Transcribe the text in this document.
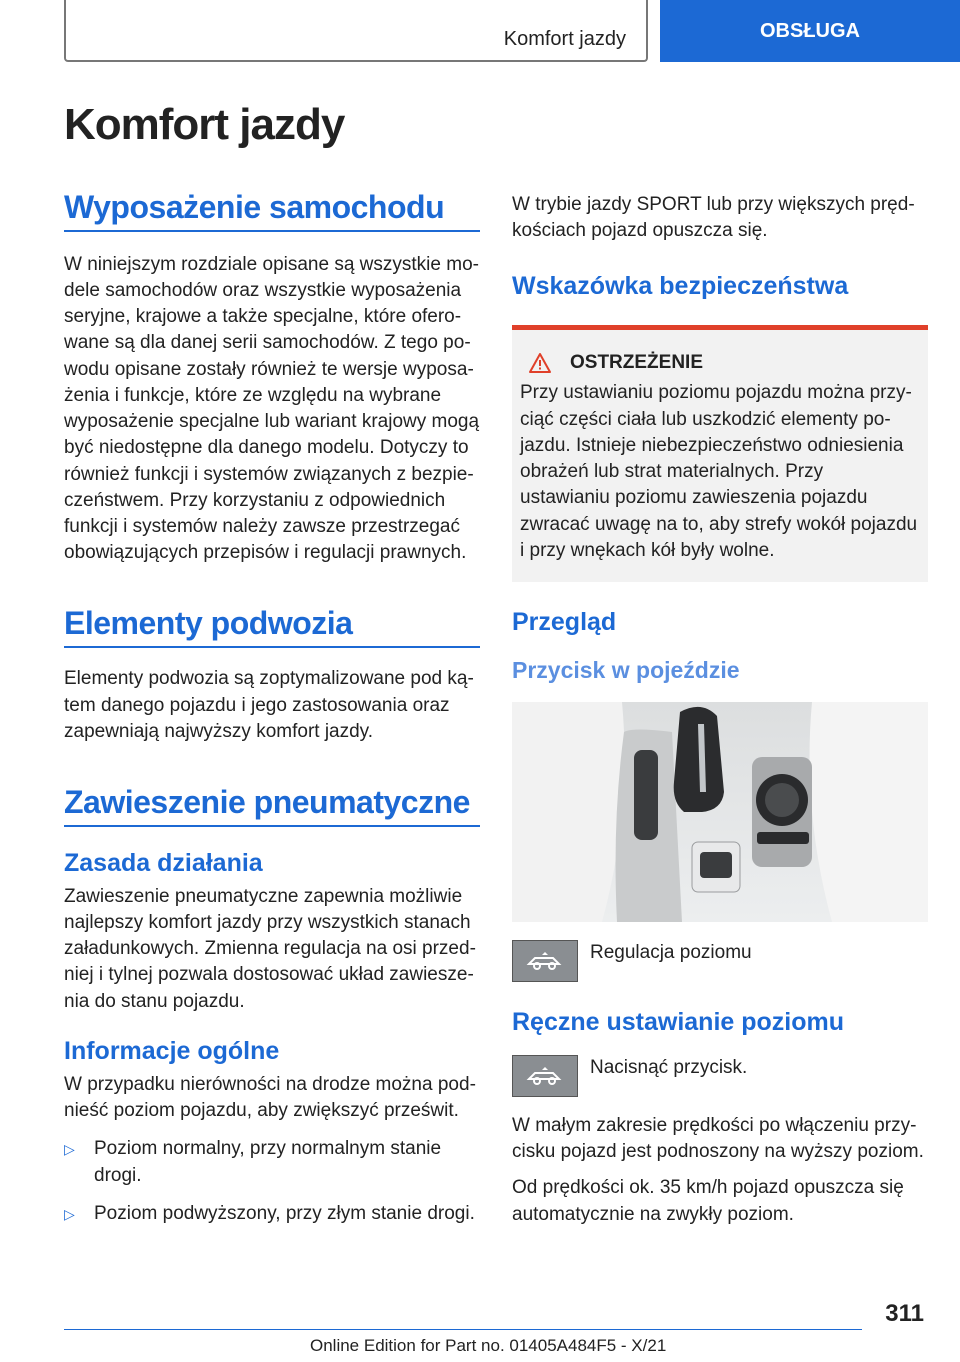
Komfort jazdy	OBSŁUGA
Komfort jazdy
Wyposażenie samochodu

W niniejszym rozdziale opisane są wszystkie modele samochodów oraz wszystkie wyposażenia seryjne, krajowe a także specjalne, które oferowane są dla danej serii samochodów. Z tego powodu opisane zostały również te wersje wyposażenia i funkcje, które ze względu na wybrane wyposażenie specjalne lub wariant krajowy mogą być niedostępne dla danego modelu. Dotyczy to również funkcji i systemów związanych z bezpieczeństwem. Przy korzystaniu z odpowiednich funkcji i systemów należy zawsze przestrzegać obowiązujących przepisów i regulacji prawnych.

Elementy podwozia

Elementy podwozia są zoptymalizowane pod kątem danego pojazdu i jego zastosowania oraz zapewniają najwyższy komfort jazdy.

Zawieszenie pneumatyczne
Zasada działania

Zawieszenie pneumatyczne zapewnia możliwie najlepszy komfort jazdy przy wszystkich stanach załadunkowych. Zmienna regulacja na osi przedniej i tylnej pozwala dostosować układ zawieszenia do stanu pojazdu.

Informacje ogólne

W przypadku nierówności na drodze można podnieść poziom pojazdu, aby zwiększyć prześwit.

▷	Poziom normalny, przy normalnym stanie drogi.
▷	Poziom podwyższony, przy złym stanie drogi.

W trybie jazdy SPORT lub przy większych prędkościach pojazd opuszcza się.

Wskazówka bezpieczeństwa
OSTRZEŻENIE

Przy ustawianiu poziomu pojazdu można przyciąć części ciała lub uszkodzić elementy pojazdu. Istnieje niebezpieczeństwo odniesienia obrażeń lub strat materialnych. Przy ustawianiu poziomu zawieszenia pojazdu zwracać uwagę na to, aby strefy wokół pojazdu i przy wnękach kół były wolne.

Przegląd
Przycisk w pojeździe

Regulacja poziomu

Ręczne ustawianie poziomu

Nacisnąć przycisk.

W małym zakresie prędkości po włączeniu przycisku pojazd jest podnoszony na wyższy poziom.

Od prędkości ok. 35 km/h pojazd opuszcza się automatycznie na zwykły poziom.

311
Online Edition for Part no. 01405A484F5 - X/21
